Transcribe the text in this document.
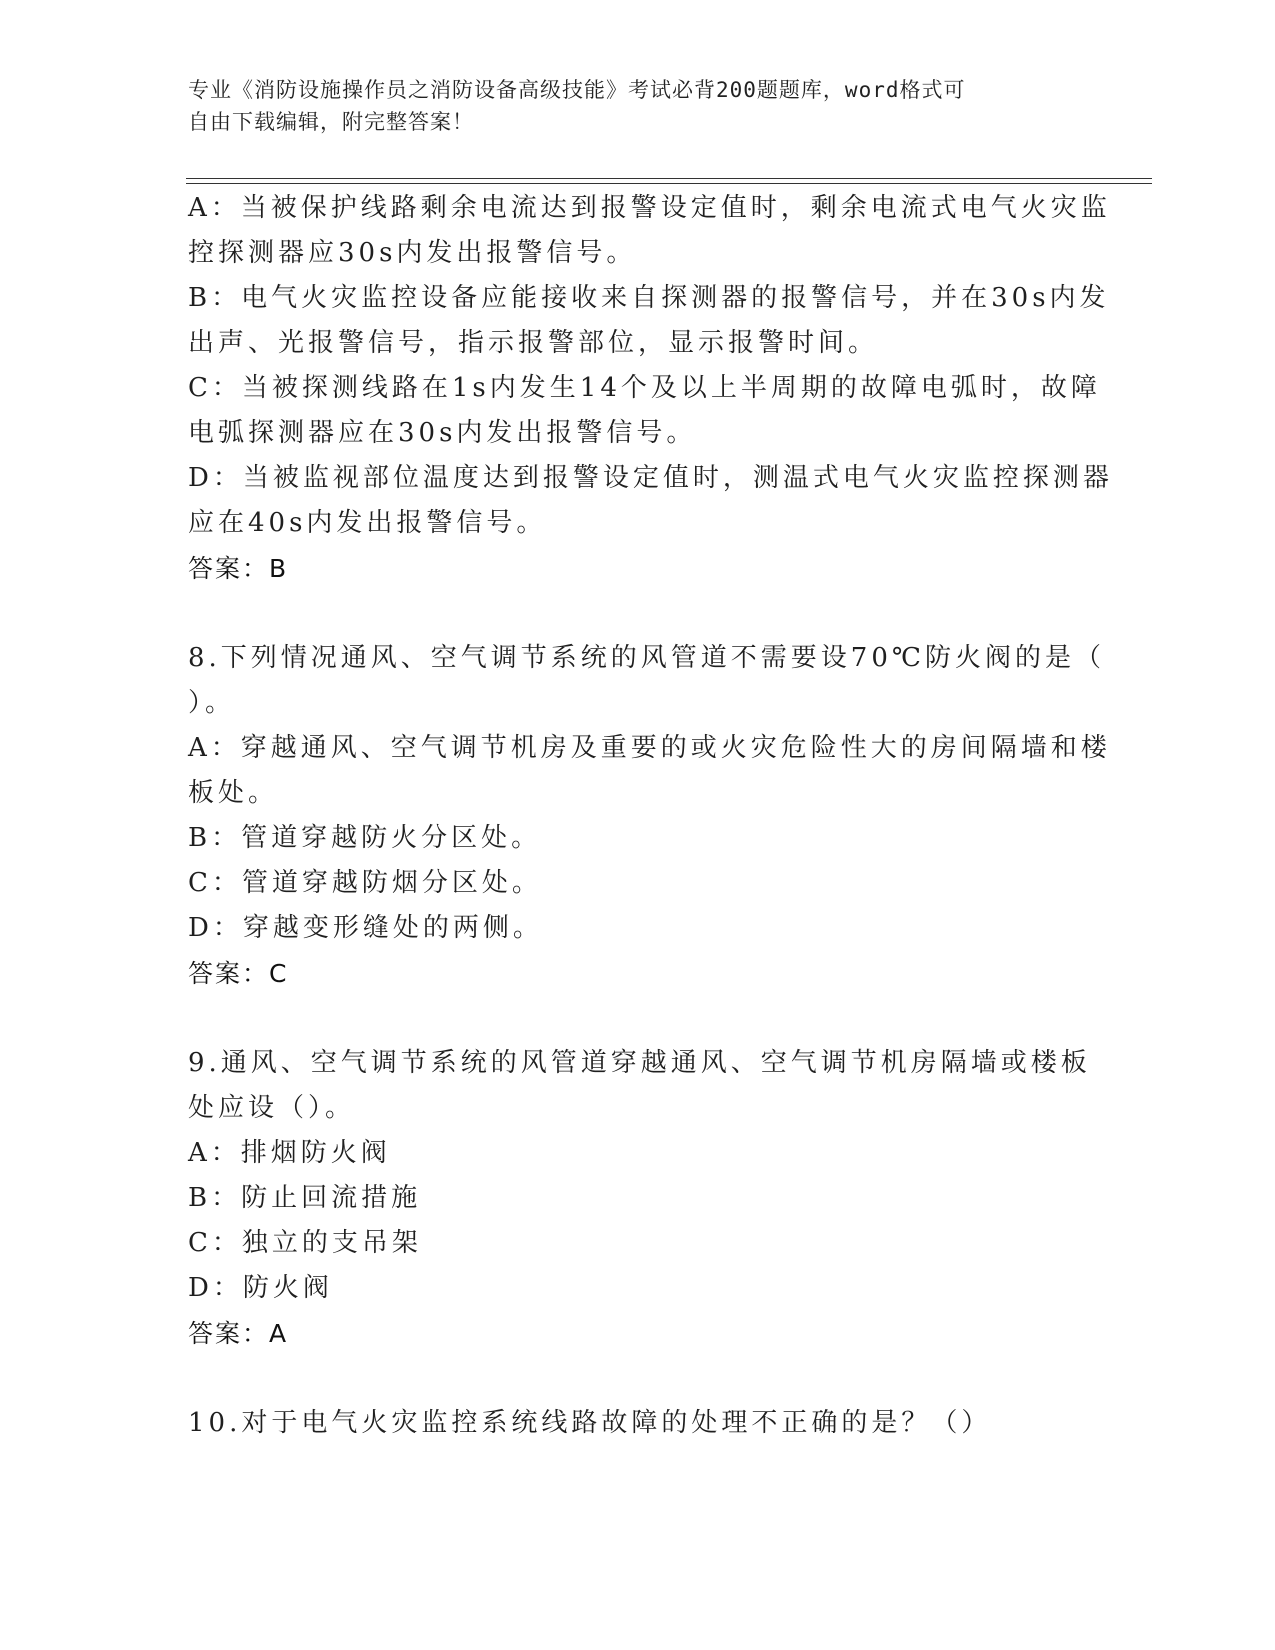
专业《消防设施操作员之消防设备高级技能》考试必背200题题库，word格式可
自由下载编辑，附完整答案！
A：当被保护线路剩余电流达到报警设定值时，剩余电流式电气火灾监
控探测器应30s内发出报警信号。
B：电气火灾监控设备应能接收来自探测器的报警信号，并在30s内发
出声、光报警信号，指示报警部位，显示报警时间。
C：当被探测线路在1s内发生14个及以上半周期的故障电弧时，故障
电弧探测器应在30s内发出报警信号。
D：当被监视部位温度达到报警设定值时，测温式电气火灾监控探测器
应在40s内发出报警信号。
答案：B
8.下列情况通风、空气调节系统的风管道不需要设70℃防火阀的是（
）。
A：穿越通风、空气调节机房及重要的或火灾危险性大的房间隔墙和楼
板处。
B：管道穿越防火分区处。
C：管道穿越防烟分区处。
D：穿越变形缝处的两侧。
答案：C
9.通风、空气调节系统的风管道穿越通风、空气调节机房隔墙或楼板
处应设（）。
A：排烟防火阀
B：防止回流措施
C：独立的支吊架
D：防火阀
答案：A
10.对于电气火灾监控系统线路故障的处理不正确的是？（）
